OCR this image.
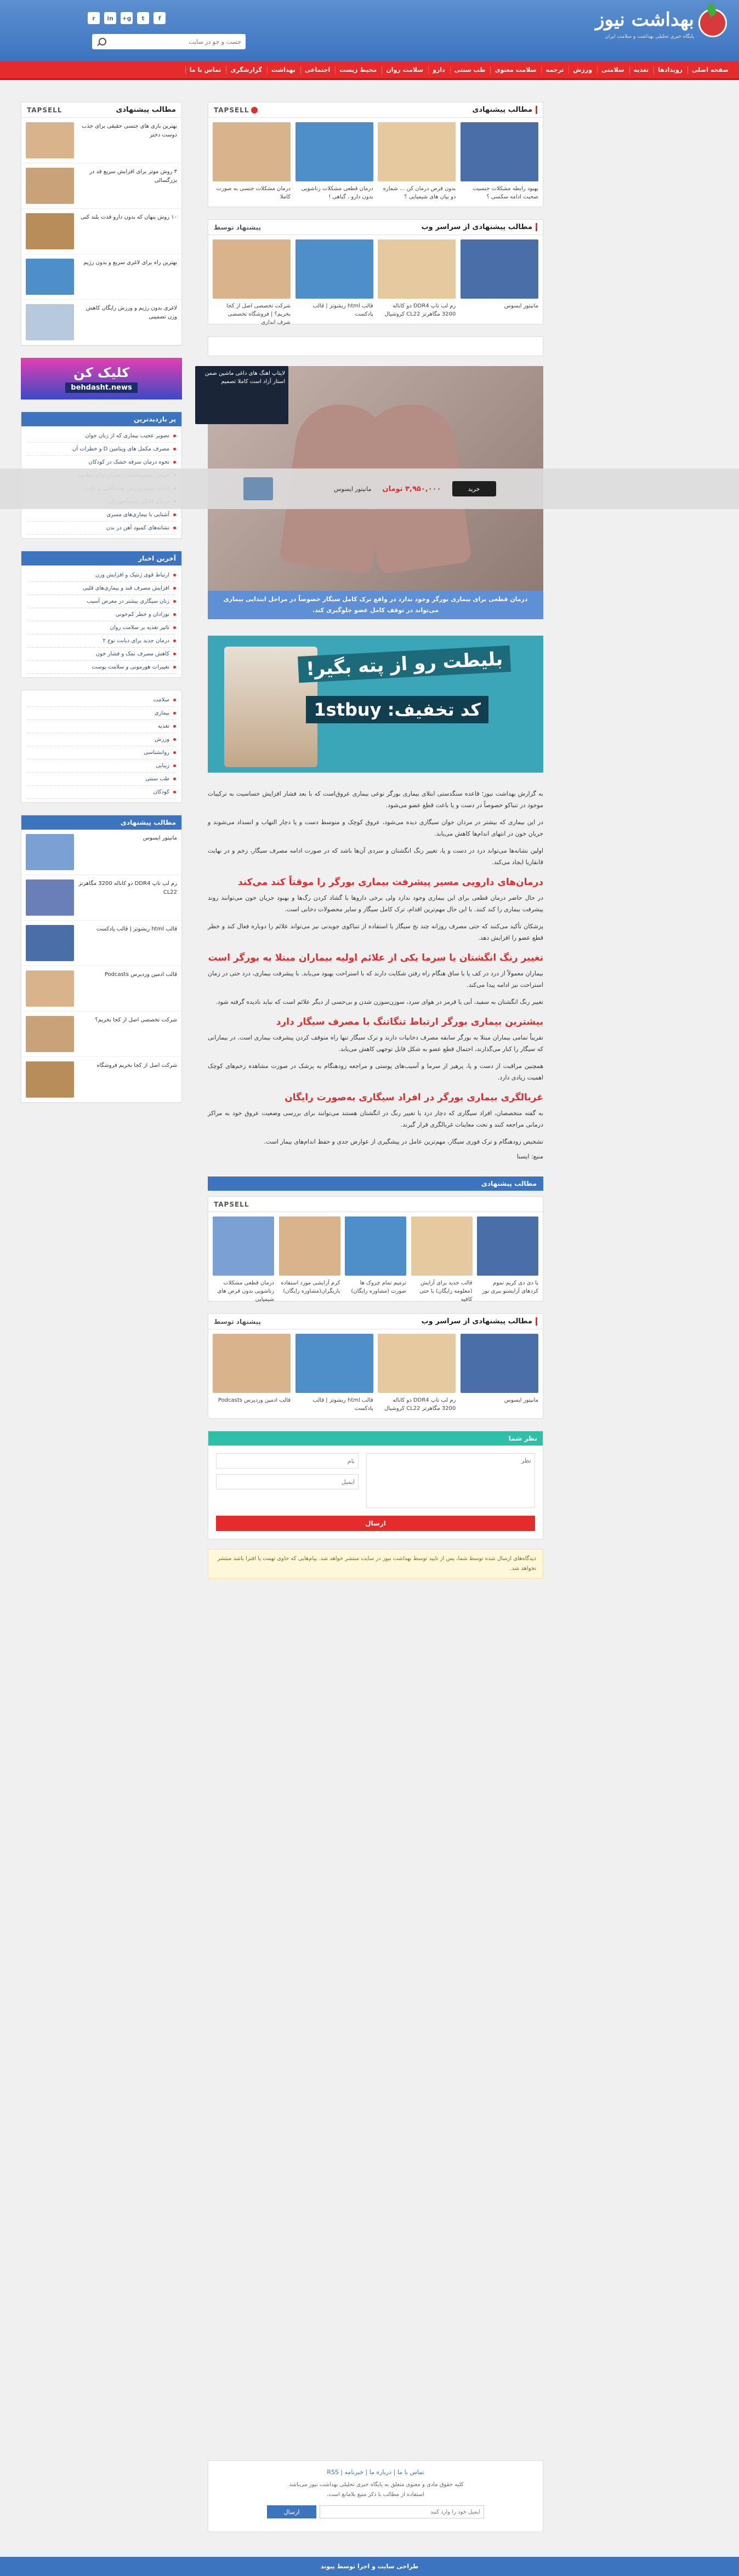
بهداشت نیوز
پایگاه خبری تحلیلی بهداشت و سلامت ایران
f
t
g+
in
r
جست و جو در سایت
صفحه اصلی
رویدادها
تغذیه
سلامتی
ورزش
ترجمه
سلامت معنوی
طب سنتی
دارو
سلامت روان
محیط زیست
اجتماعی
بهداشت
گزارشگری
تماس با ما
مطالب پیشنهادی
TAPSELL
بهبود رابطه مشکلات جنسیت صحبت ادامه سکسی ؟
بدون قرص درمان کن ... شماره دو بیان های شیمیایی ؟
درمان قطعی مشکلات زناشویی بدون دارو ، گیاهی !
درمان مشکلات جنسی به صورت کاملا
مطالب پیشنهادی از سراسر وب
پیشنهاد توسط
مانیتور ایسوس
رم لپ تاپ DDR4 دو کاناله 3200 مگاهرتز CL22 کروشیال
قالب html ریشوتز | قالب پادکست
شرکت تخصصی اصل از کجا بخریم؟ | فروشگاه تخصصی شرف اندازی
درمان قطعی برای بیماری بورگر وجود ندارد در واقع ترک کامل سیگار خصوصاً در مراحل ابتدایی بیماری می‌تواند در توقف کامل عضو جلوگیری کند.
بلیطت رو از پته بگیر!
کد تخفیف: 1stbuy

به گزارش بهداشت نیوز؛ قاعده سنگدستی ابتلای بیماری بورگر نوعی بیماری عروق‌است که با بعد فشار افزایش حساسیت به ترکیبات موجود در تنباکو خصوصاً در دست و پا باعث قطع عضو می‌شود.

در این بیماری که بیشتر در مردان جوان سیگاری دیده می‌شود، عروق کوچک و متوسط دست و پا دچار التهاب و انسداد می‌شوند و جریان خون در انتهای اندام‌ها کاهش می‌یابد.

اولین نشانه‌ها می‌تواند درد در دست و پا، تغییر رنگ انگشتان و سردی آن‌ها باشد که در صورت ادامه مصرف سیگار، زخم و در نهایت قانقاریا ایجاد می‌کند.

درمان‌های دارویی مسیر پیشرفت بیماری بورگر را موقتاً کند می‌کند

در حال حاضر درمان قطعی برای این بیماری وجود ندارد ولی برخی داروها با گشاد کردن رگ‌ها و بهبود جریان خون می‌توانند روند پیشرفت بیماری را کند کنند. با این حال مهم‌ترین اقدام، ترک کامل سیگار و سایر محصولات دخانی است.

پزشکان تأکید می‌کنند که حتی مصرف روزانه چند نخ سیگار یا استفاده از تنباکوی جویدنی نیز می‌تواند علائم را دوباره فعال کند و خطر قطع عضو را افزایش دهد.

تغییر رنگ انگشتان یا سرما یکی از علائم اولیه بیماران مبتلا به بورگر است

بیماران معمولاً از درد در کف پا یا ساق هنگام راه رفتن شکایت دارند که با استراحت بهبود می‌یابد. با پیشرفت بیماری، درد حتی در زمان استراحت نیز ادامه پیدا می‌کند.

تغییر رنگ انگشتان به سفید، آبی یا قرمز در هوای سرد، سوزن‌سوزن شدن و بی‌حسی از دیگر علائم است که نباید نادیده گرفته شود.

بیشترین بیماری بورگر ارتباط تنگاتنگ با مصرف سیگار دارد

تقریباً تمامی بیماران مبتلا به بورگر سابقه مصرف دخانیات دارند و ترک سیگار تنها راه متوقف کردن پیشرفت بیماری است. در بیمارانی که سیگار را کنار می‌گذارند، احتمال قطع عضو به شکل قابل توجهی کاهش می‌یابد.

همچنین مراقبت از دست و پا، پرهیز از سرما و آسیب‌های پوستی و مراجعه زودهنگام به پزشک در صورت مشاهده زخم‌های کوچک اهمیت زیادی دارد.

غربالگری بیماری بورگر در افراد سیگاری به‌صورت رایگان

به گفته متخصصان، افراد سیگاری که دچار درد یا تغییر رنگ در انگشتان هستند می‌توانند برای بررسی وضعیت عروق خود به مراکز درمانی مراجعه کنند و تحت معاینات غربالگری قرار گیرند.

تشخیص زودهنگام و ترک فوری سیگار، مهم‌ترین عامل در پیشگیری از عوارض جدی و حفظ اندام‌های بیمار است.

منبع: ایسنا
مطالب پیشنهادی
TAPSELL
با دی دی کریم تموم کردهای آرایشتو ببری نور
قالب جدید برای آرایش (معلومه رایگان) با حتی کافیه
ترمیم تمام چروک ها صورت (مشاوره رایگان)
کرم آرایشی مورد استفاده بازیگران(مشاوره رایگان)
درمان قطعی مشکلات زناشویی بدون قرص های شیمیایی
مطالب پیشنهادی از سراسر وب
پیشنهاد توسط
مانیتور ایسوس
رم لپ تاپ DDR4 دو کاناله 3200 مگاهرتز CL22 کروشیال
قالب html ریشوتز | قالب پادکست
قالب ادمین وردپرس Podcasts
نظر شما
نظر
نام
ایمیل
ارسال
دیدگاه‌های ارسال شده توسط شما، پس از تایید توسط بهداشت نیوز در سایت منتشر خواهد شد. پیام‌هایی که حاوی تهمت یا افترا باشد منتشر نخواهد شد.
مطالب پیشنهادی
TAPSELL
بهترین بازی های جنسی حقیقی برای جذب دوست دختر
۳ روش موثر برای افزایش سریع قد در بزرگسالی
۱۰ روش پنهان که بدون دارو قدت بلند کنی
بهترین راه برای لاغری سریع و بدون رژیم
لاغری بدون رژیم و ورزش رایگان کاهش وزن تضمینی
کلیک کن
behdasht.news
پر بازدیدترین
تصویر عجیب بیماری که از زنان جوان
مصرف مکمل های ویتامین D و خطرات آن
نحوه درمان سرفه خشک در کودکان
آشنایی با بیماری‌های مسری
نشانه‌های کمبود آهن در بدن
آخرین اخبار
ارتباط قوی ژنتیک و افزایش وزن
افزایش مصرف قند و بیماری‌های قلبی
زنان سیگاری بیشتر در معرض آسیب
نوزادان و خطر کم‌خونی
تاثیر تغذیه بر سلامت روان
درمان جدید برای دیابت نوع ۲
کاهش مصرف نمک و فشار خون
تغییرات هورمونی و سلامت پوست
سلامت
بیماری
تغذیه
ورزش
روانشناسی
زیبایی
طب سنتی
کودکان
مطالب پیشنهادی
مانیتور ایسوس
رم لپ تاپ DDR4 دو کاناله 3200 مگاهرتز CL22
قالب html ریشوتز | قالب پادکست
قالب ادمین وردپرس Podcasts
شرکت تخصصی اصل از کجا بخریم؟
شرکت اصل از کجا بخریم فروشگاه
لاپتاپ اهنگ های داغی ماشین ضمن استار آزاد است کاملا تصمیم
خرید
۳,۹۵۰,۰۰۰ تومان
مانیتور ایسوس
تماس با ما | درباره ما | خبرنامه | RSS
کلیه حقوق مادی و معنوی متعلق به پایگاه خبری تحلیلی بهداشت نیوز می‌باشد.
استفاده از مطالب با ذکر منبع بلامانع است.
ایمیل خود را وارد کنید
ارسال
طراحی سایت و اجرا توسط پیوند
